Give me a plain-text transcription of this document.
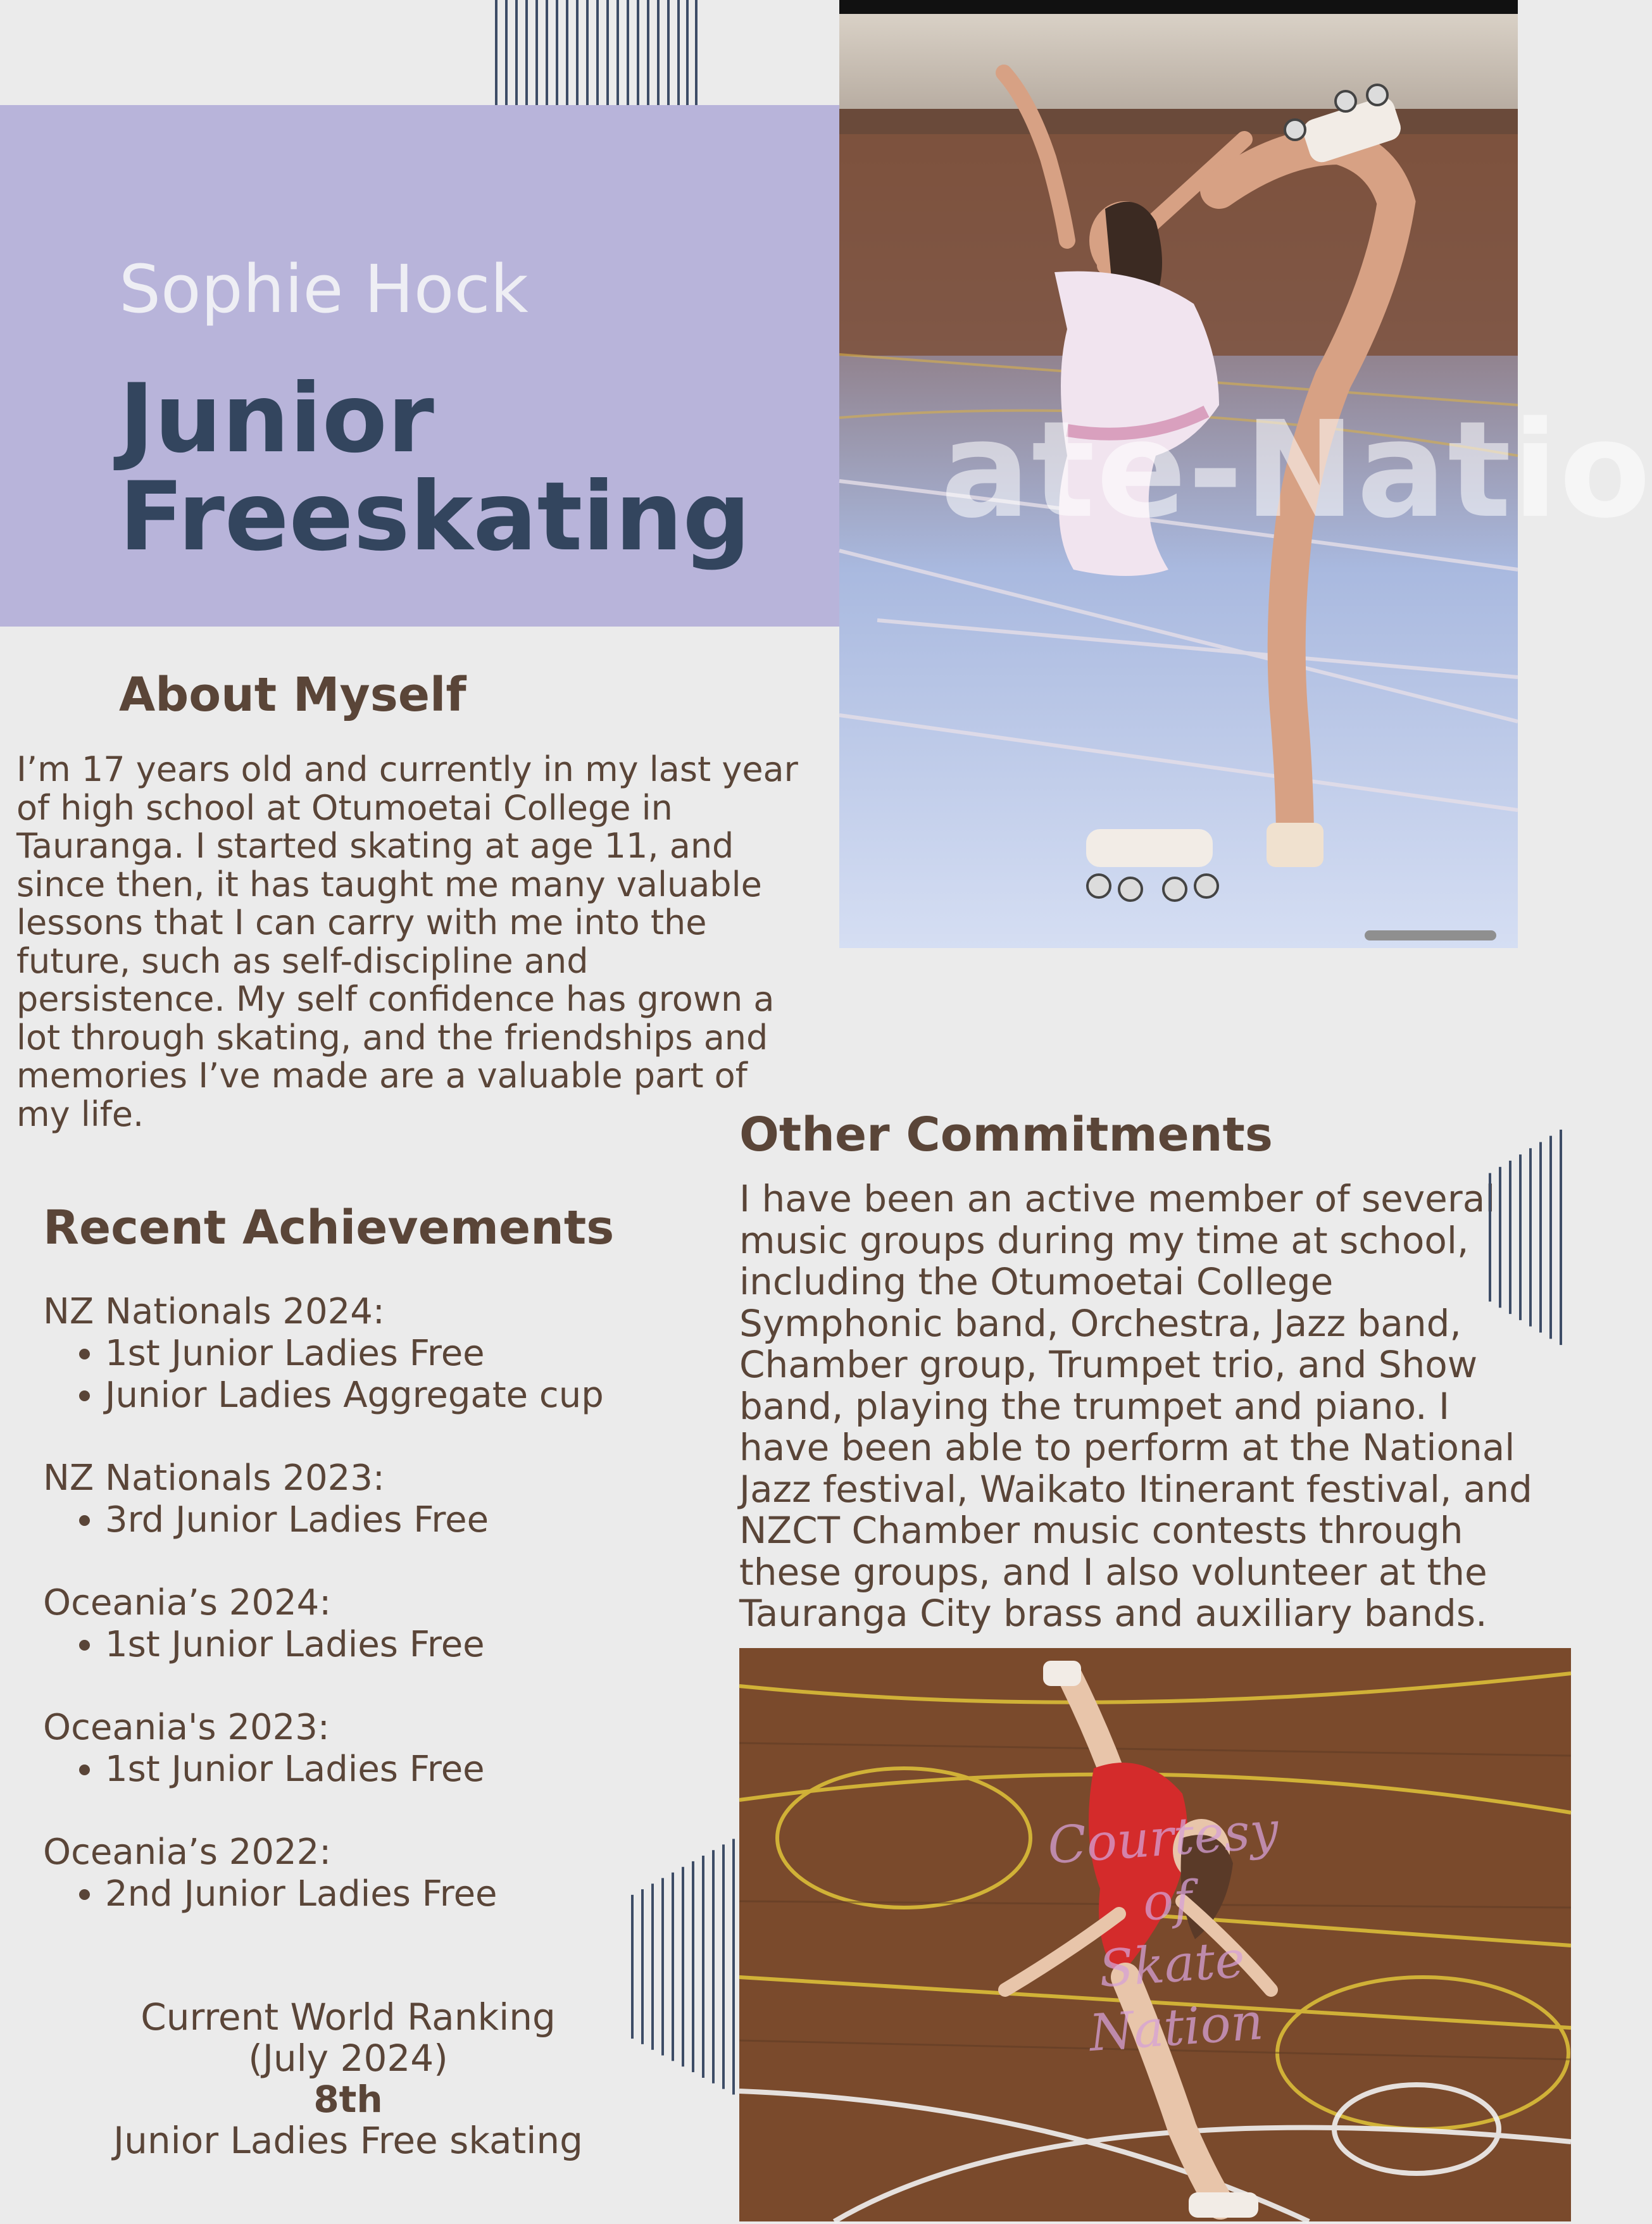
Sophie Hock
Junior
Freeskating ate-Natio
About Myself
I’m 17 years old and currently in my last year
of high school at Otumoetai College in
Tauranga. I started skating at age 11, and
since then, it has taught me many valuable
lessons that I can carry with me into the
future, such as self-discipline and
persistence. My self confidence has grown a
lot through skating, and the friendships and
memories I’ve made are a valuable part of
my life.
Recent Achievements
NZ Nationals 2024:
• 1st Junior Ladies Free
• Junior Ladies Aggregate cup
NZ Nationals 2023:
• 3rd Junior Ladies Free
Oceania’s 2024:
• 1st Junior Ladies Free
Oceania's 2023:
• 1st Junior Ladies Free
Oceania’s 2022:
• 2nd Junior Ladies Free
Current World Ranking
(July 2024)
8th
Junior Ladies Free skating
Other Commitments
I have been an active member of several
music groups during my time at school,
including the Otumoetai College
Symphonic band, Orchestra, Jazz band,
Chamber group, Trumpet trio, and Show
band, playing the trumpet and piano. I
have been able to perform at the National
Jazz festival, Waikato Itinerant festival, and
NZCT Chamber music contests through
these groups, and I also volunteer at the
Tauranga City brass and auxiliary bands.
Courtesy
of
Skate Nation
